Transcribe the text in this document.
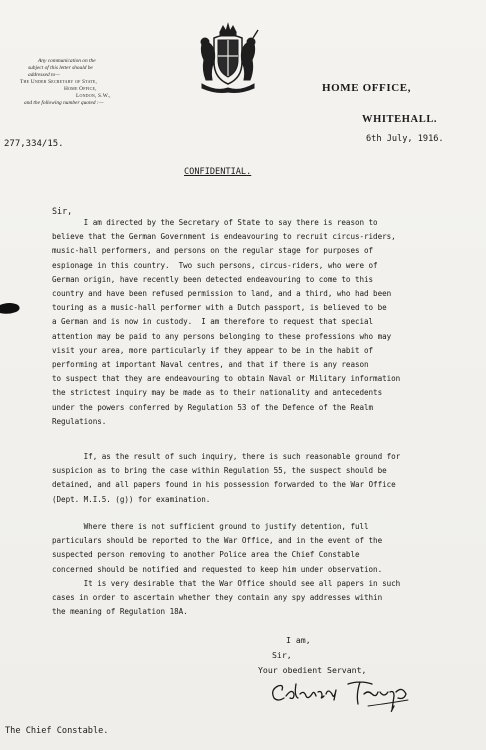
Any communication on the
subject of this letter should be
addressed to—
The Under Secretary of State,
Home Office,
London, S.W.,
and the following number quoted :—
277,334/15.
HOME OFFICE,
WHITEHALL.
6th July, 1916.
CONFIDENTIAL.
Sir,

I am directed by the Secretary of State to say there is reason to
believe that the German Government is endeavouring to recruit circus-riders,
music-hall performers, and persons on the regular stage for purposes of
espionage in this country.  Two such persons, circus-riders, who were of
German origin, have recently been detected endeavouring to come to this
country and have been refused permission to land, and a third, who had been
touring as a music-hall performer with a Dutch passport, is believed to be
a German and is now in custody.  I am therefore to request that special
attention may be paid to any persons belonging to these professions who may
visit your area, more particularly if they appear to be in the habit of
performing at important Naval centres, and that if there is any reason
to suspect that they are endeavouring to obtain Naval or Military information
the strictest inquiry may be made as to their nationality and antecedents
under the powers conferred by Regulation 53 of the Defence of the Realm
Regulations.

If, as the result of such inquiry, there is such reasonable ground for
suspicion as to bring the case within Regulation 55, the suspect should be
detained, and all papers found in his possession forwarded to the War Office
(Dept. M.I.5. (g)) for examination.

Where there is not sufficient ground to justify detention, full
particulars should be reported to the War Office, and in the event of the
suspected person removing to another Police area the Chief Constable
concerned should be notified and requested to keep him under observation.

It is very desirable that the War Office should see all papers in such
cases in order to ascertain whether they contain any spy addresses within
the meaning of Regulation 18A.

I am,
Sir,
Your obedient Servant,
The Chief Constable.
